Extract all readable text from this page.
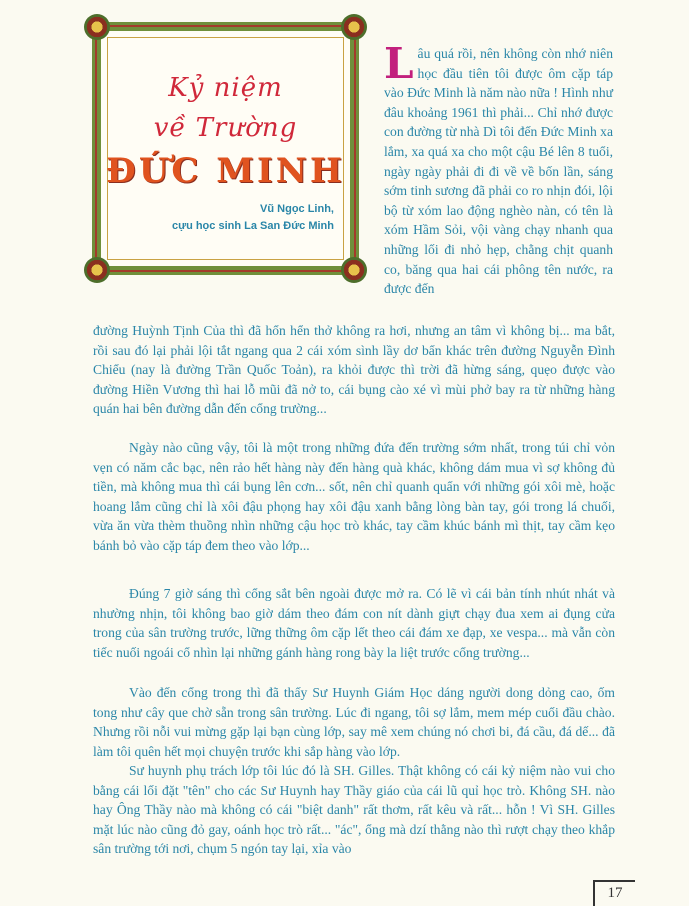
Kỷ niệm
về Trường
ĐỨC MINH
Vũ Ngọc Linh,
cựu học sinh La San Đức Minh
L âu quá rồi, nên không còn nhớ niên học đầu tiên tôi được ôm cặp táp vào Đức Minh là năm nào nữa ! Hình như đâu khoảng 1961 thì phải... Chỉ nhớ được con đường từ nhà Dì tôi đến Đức Minh xa lắm, xa quá xa cho một cậu Bé lên 8 tuổi, ngày ngày phải đi đi về về bốn lần, sáng sớm tinh sương đã phải co ro nhịn đói, lội bộ từ xóm lao động nghèo nàn, có tên là xóm Hầm Sỏi, vội vàng chạy nhanh qua những lối đi nhỏ hẹp, chằng chịt quanh co, băng qua hai cái phông tên nước, ra được đến
đường Huỳnh Tịnh Của thì đã hổn hển thở không ra hơi, nhưng an tâm vì không bị... ma bắt, rồi sau đó lại phải lội tắt ngang qua 2 cái xóm sình lầy dơ bẩn khác trên đường Nguyễn Đình Chiểu (nay là đường Trần Quốc Toản), ra khỏi được thì trời đã hừng sáng, quẹo được vào đường Hiền Vương thì hai lỗ mũi đã nở to, cái bụng cào xé vì mùi phở bay ra từ những hàng quán hai bên đường dẫn đến cổng trường...
Ngày nào cũng vậy, tôi là một trong những đứa đến trường sớm nhất, trong túi chỉ vỏn vẹn có năm cắc bạc, nên rảo hết hàng này đến hàng quà khác, không dám mua vì sợ không đủ tiền, mà không mua thì cái bụng lên cơn... sốt, nên chỉ quanh quẩn với những gói xôi mè, hoặc hoang lắm cũng chỉ là xôi đậu phọng hay xôi đậu xanh bằng lòng bàn tay, gói trong lá chuối, vừa ăn vừa thèm thuồng nhìn những cậu học trò khác, tay cầm khúc bánh mì thịt, tay cầm kẹo bánh bỏ vào cặp táp đem theo vào lớp...
Đúng 7 giờ sáng thì cổng sắt bên ngoài được mở ra. Có lẽ vì cái bản tính nhút nhát và nhường nhịn, tôi không bao giờ dám theo đám con nít dành giựt chạy đua xem ai đụng cửa trong của sân trường trước, lững thững ôm cặp lết theo cái đám xe đạp, xe vespa... mà vẫn còn tiếc nuối ngoái cổ nhìn lại những gánh hàng rong bày la liệt trước cổng trường...
Vào đến cổng trong thì đã thấy Sư Huynh Giám Học dáng người dong dỏng cao, ốm tong như cây que chờ sẵn trong sân trường. Lúc đi ngang, tôi sợ lắm, mem mép cuối đầu chào. Nhưng rồi nỗi vui mừng gặp lại bạn cùng lớp, say mê xem chúng nó chơi bi, đá cầu, đá dế... đã làm tôi quên hết mọi chuyện trước khi sắp hàng vào lớp.
Sư huynh phụ trách lớp tôi lúc đó là SH. Gilles. Thật không có cái kỷ niệm nào vui cho bằng cái lối đặt "tên" cho các Sư Huynh hay Thầy giáo của cái lũ quỉ học trò. Không SH. nào hay Ông Thầy nào mà không có cái "biệt danh" rất thơm, rất kêu và rất... hỗn ! Vì SH. Gilles mặt lúc nào cũng đỏ gay, oánh học trò rất... "ác", ổng mà dzí thằng nào thì rượt chạy theo khắp sân trường tới nơi, chụm 5 ngón tay lại, xỉa vào
17
